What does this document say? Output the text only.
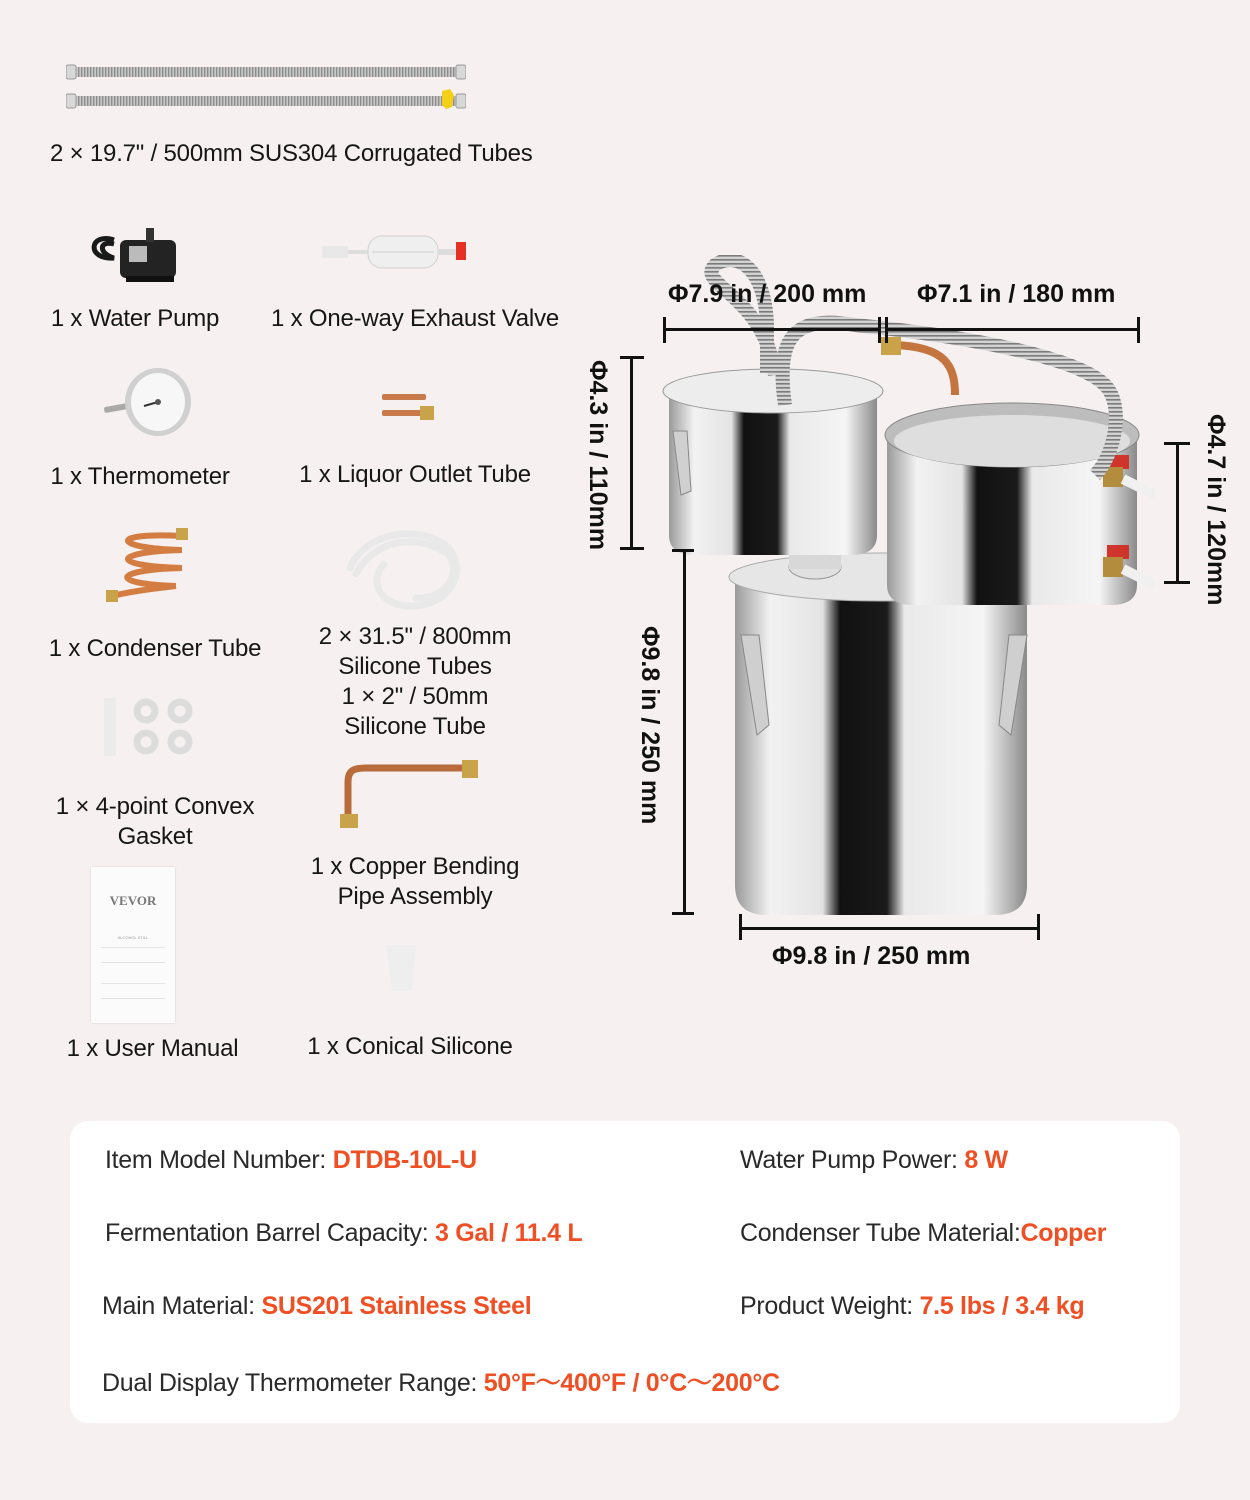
2 × 19.7" / 500mm SUS304 Corrugated Tubes
1 x Water Pump	1 x One-way Exhaust Valve
1 x Thermometer	1 x Liquor Outlet Tube
1 x Condenser Tube	2 × 31.5" / 800mm
Silicone Tubes
1 × 2" / 50mm
Silicone Tube
1 × 4-point Convex
Gasket
1 x Copper Bending
Pipe Assembly
VEVOR
ALCOHOL STILL
1 x User Manual	1 x Conical Silicone
Φ7.9 in / 200 mm Φ7.1 in / 180 mm
Φ4.3 in / 110mm
Φ9.8 in / 250 mm
Φ4.7 in / 120mm
Φ9.8 in / 250 mm
Item Model Number: DTDB-10L-U	Water Pump Power: 8 W
Fermentation Barrel Capacity: 3 Gal / 11.4 L	Condenser Tube Material:Copper
Main Material: SUS201 Stainless Steel	Product Weight: 7.5 lbs / 3.4 kg
Dual Display Thermometer Range: 50°F～400°F / 0°C～200°C
